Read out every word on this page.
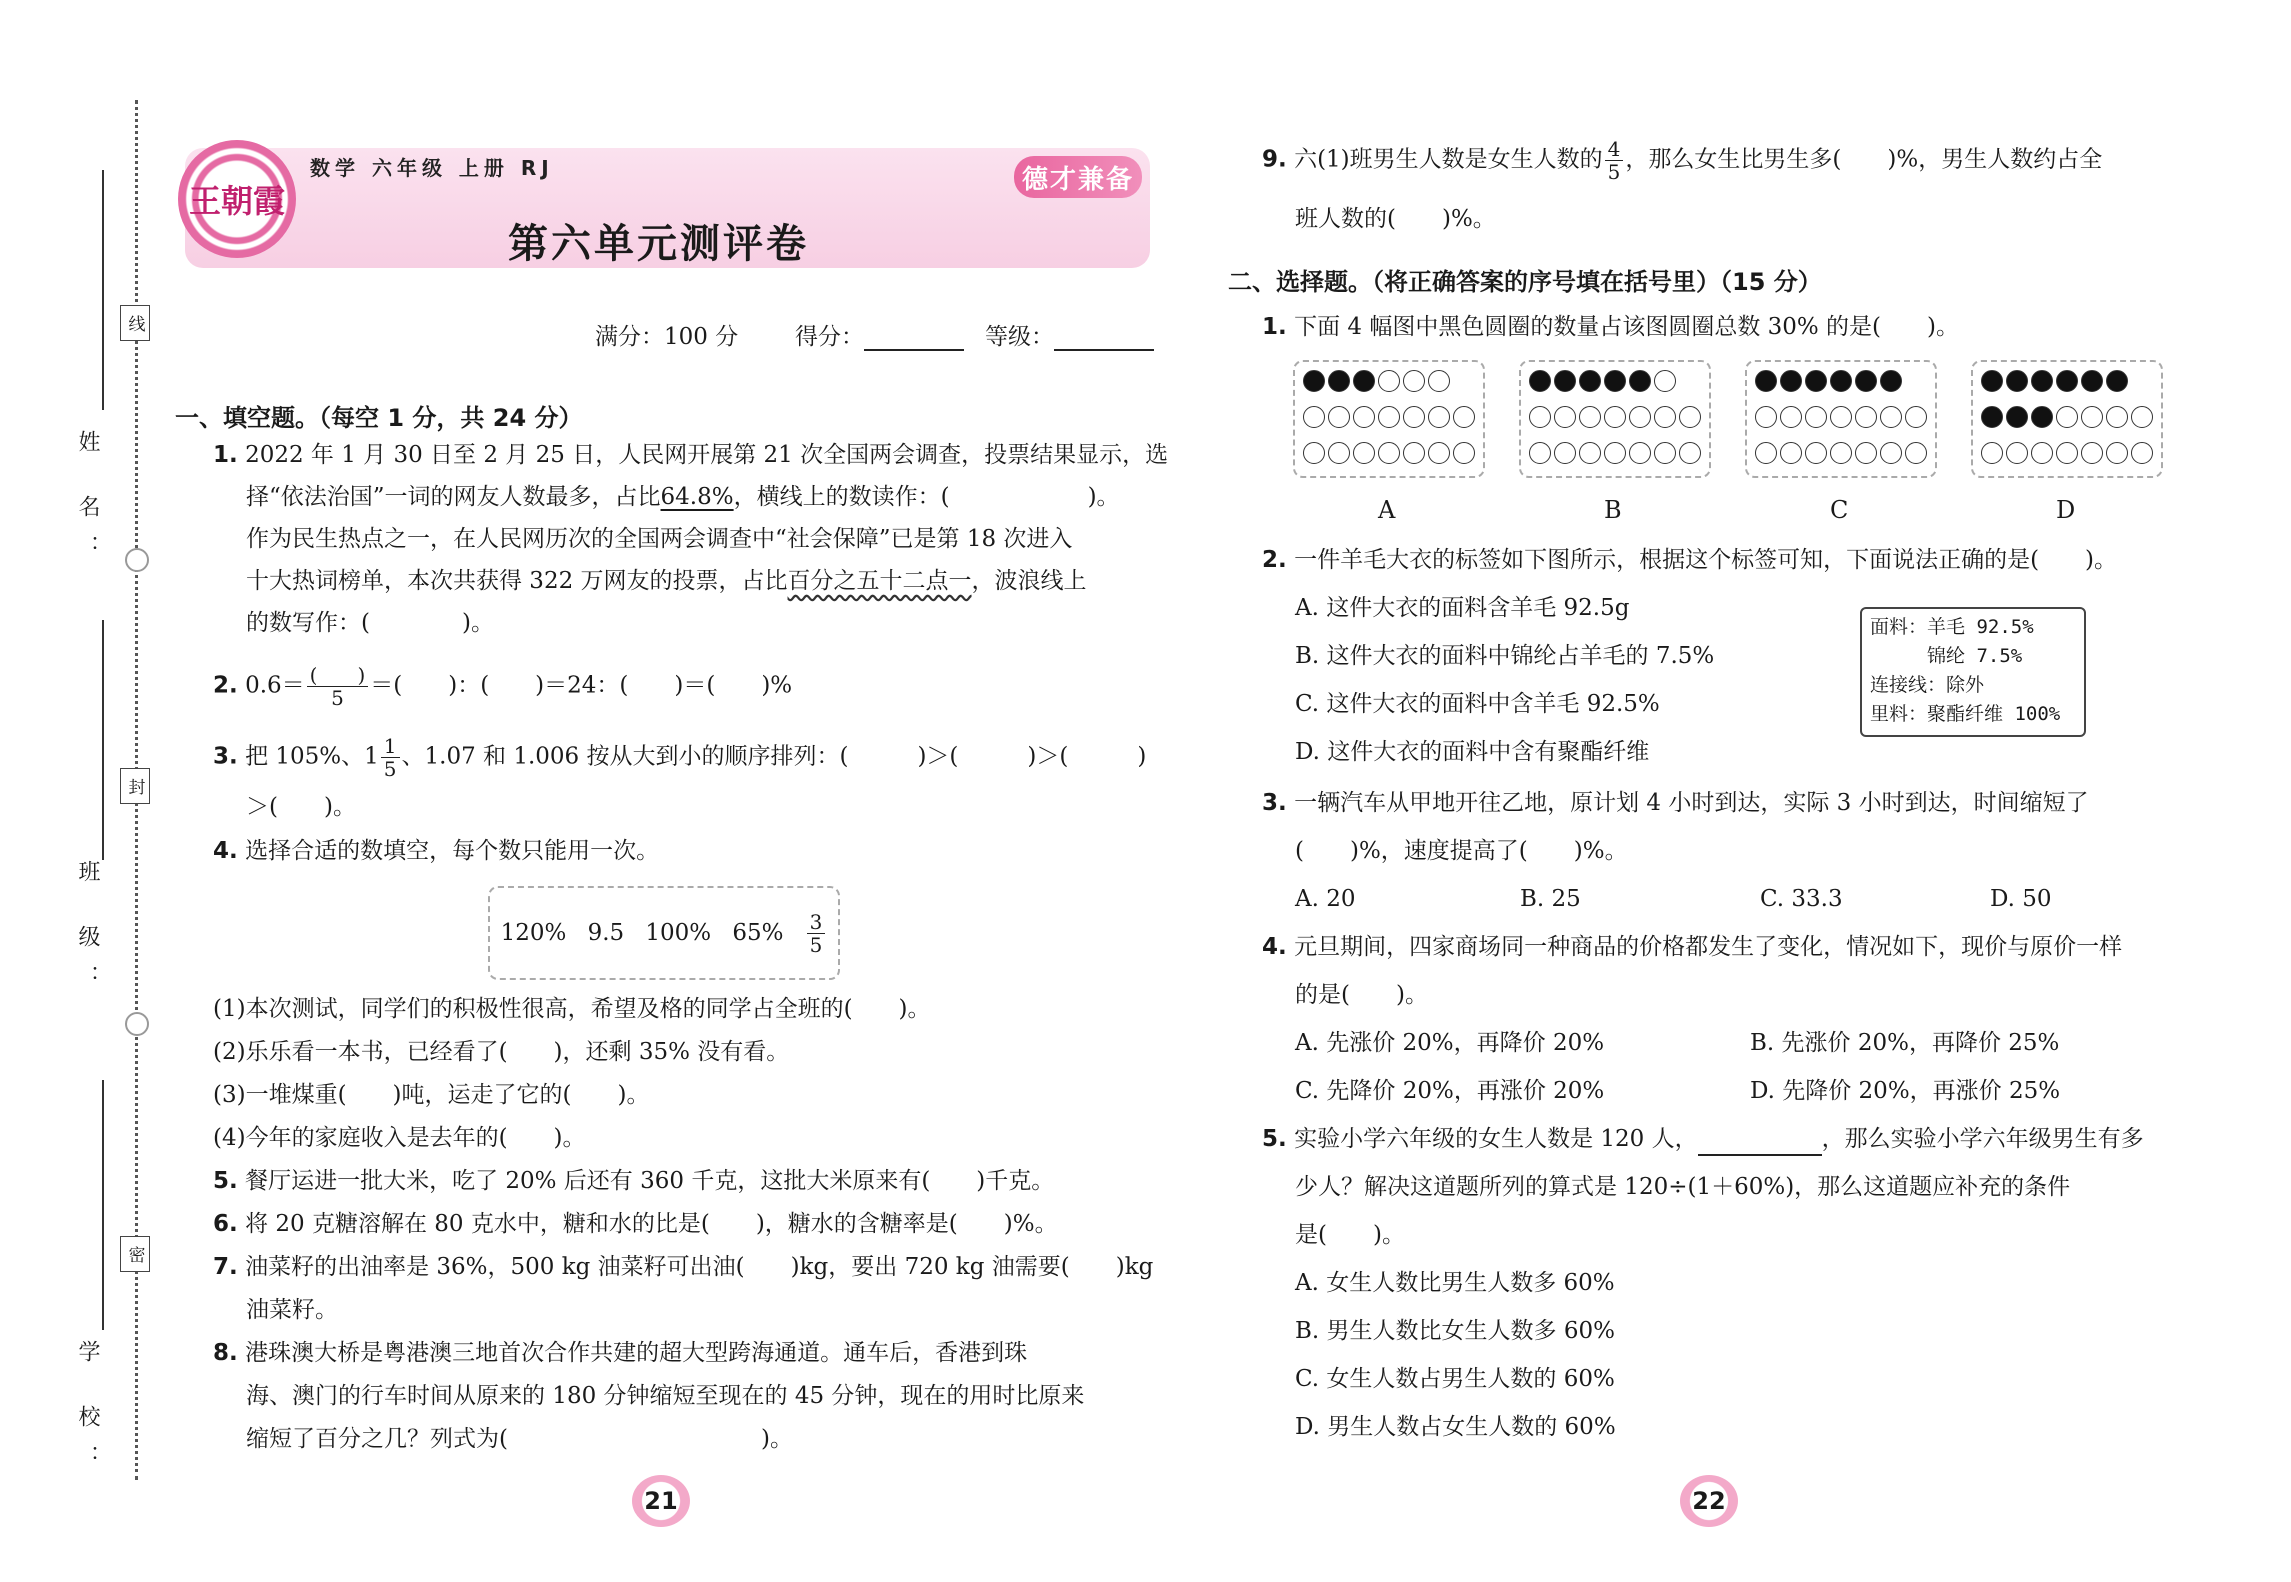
姓 名：
班 级：
学 校：
线
封
密
王朝霞
数学 六年级 上册 RJ	德才兼备
第六单元测评卷
满分：100 分 得分：	等级：
一、填空题。（每空 1 分，共 24 分）
1. 2022 年 1 月 30 日至 2 月 25 日，人民网开展第 21 次全国两会调查，投票结果显示，选
择“依法治国”一词的网友人数最多，占比64.8%，横线上的数读作：(　　　　　　)。
作为民生热点之一，在人民网历次的全国两会调查中“社会保障”已是第 18 次进入
十大热词榜单，本次共获得 322 万网友的投票，占比百分之五十二点一，波浪线上
的数写作：(　　　　)。
2. $0.6= \frac{( )}{5}$ ＝(　　)：(　　)＝24：(　　)＝(　　)%
3. 把 105%、$1 \frac{1}{5}$ 、1.07 和 1.006 按从大到小的顺序排列：(　　　)＞(　　　)＞(　　　)
＞(　　)。
4. 选择合适的数填空，每个数只能用一次。
120% 9.5 100% $65\% \frac{3}{5}$
(1)本次测试，同学们的积极性很高，希望及格的同学占全班的(　　)。
(2)乐乐看一本书，已经看了(　　)，还剩 35% 没有看。
(3)一堆煤重(　　)吨，运走了它的(　　)。
(4)今年的家庭收入是去年的(　　)。
5. 餐厅运进一批大米，吃了 20% 后还有 360 千克，这批大米原来有(　　)千克。
6. 将 20 克糖溶解在 80 克水中，糖和水的比是(　　)，糖水的含糖率是(　　)%。
7. 油菜籽的出油率是 36%，500 kg 油菜籽可出油(　　)kg，要出 720 kg 油需要(　　)kg
油菜籽。
8. 港珠澳大桥是粤港澳三地首次合作共建的超大型跨海通道。通车后，香港到珠
海、澳门的行车时间从原来的 180 分钟缩短至现在的 45 分钟，现在的用时比原来
缩短了百分之几？列式为(　　　　　　　　　　　)。
21
9. 六(1)班男生人数是女生人数的 $\frac{4}{5}$ ，那么女生比男生多(　　)%，男生人数约占全
班人数的(　　)%。
二、选择题。（将正确答案的序号填在括号里）（15 分）
1. 下面 4 幅图中黑色圆圈的数量占该图圆圈总数 30% 的是(　　)。
A	B	C	D
2. 一件羊毛大衣的标签如下图所示，根据这个标签可知，下面说法正确的是(　　)。
A. 这件大衣的面料含羊毛 92.5g
B. 这件大衣的面料中锦纶占羊毛的 7.5%
C. 这件大衣的面料中含羊毛 92.5%
D. 这件大衣的面料中含有聚酯纤维
面料：羊毛 92.5%
　　　锦纶 7.5%
连接线：除外
里料：聚酯纤维 100%
3. 一辆汽车从甲地开往乙地，原计划 4 小时到达，实际 3 小时到达，时间缩短了
(　　)%，速度提高了(　　)%。
A. 20	B. 25	C. 33.3	D. 50
4. 元旦期间，四家商场同一种商品的价格都发生了变化，情况如下，现价与原价一样
的是(　　)。
A. 先涨价 20%，再降价 20%	B. 先涨价 20%，再降价 25%
C. 先降价 20%，再涨价 20%	D. 先降价 20%，再涨价 25%
5. 实验小学六年级的女生人数是 120 人，	，那么实验小学六年级男生有多
少人？解决这道题所列的算式是 120÷(1＋60%)，那么这道题应补充的条件
是(　　)。
A. 女生人数比男生人数多 60%
B. 男生人数比女生人数多 60%
C. 女生人数占男生人数的 60%
D. 男生人数占女生人数的 60%
22
